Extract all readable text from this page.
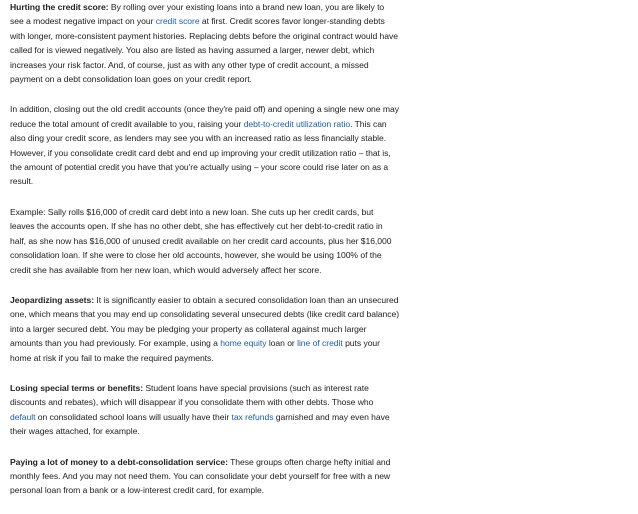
Hurting the credit score: By rolling over your existing loans into a brand new loan, you are likely to see a modest negative impact on your credit score at first. Credit scores favor longer-standing debts with longer, more-consistent payment histories. Replacing debts before the original contract would have called for is viewed negatively. You also are listed as having assumed a larger, newer debt, which increases your risk factor. And, of course, just as with any other type of credit account, a missed payment on a debt consolidation loan goes on your credit report.

In addition, closing out the old credit accounts (once they're paid off) and opening a single new one may reduce the total amount of credit available to you, raising your debt-to-credit utilization ratio. This can also ding your credit score, as lenders may see you with an increased ratio as less financially stable. However, if you consolidate credit card debt and end up improving your credit utilization ratio – that is, the amount of potential credit you have that you're actually using – your score could rise later on as a result.

Example: Sally rolls $16,000 of credit card debt into a new loan. She cuts up her credit cards, but leaves the accounts open. If she has no other debt, she has effectively cut her debt-to-credit ratio in half, as she now has $16,000 of unused credit available on her credit card accounts, plus her $16,000 consolidation loan. If she were to close her old accounts, however, she would be using 100% of the credit she has available from her new loan, which would adversely affect her score.

Jeopardizing assets: It is significantly easier to obtain a secured consolidation loan than an unsecured one, which means that you may end up consolidating several unsecured debts (like credit card balance) into a larger secured debt. You may be pledging your property as collateral against much larger amounts than you had previously. For example, using a home equity loan or line of credit puts your home at risk if you fail to make the required payments.

Losing special terms or benefits: Student loans have special provisions (such as interest rate discounts and rebates), which will disappear if you consolidate them with other debts. Those who default on consolidated school loans will usually have their tax refunds garnished and may even have their wages attached, for example.

Paying a lot of money to a debt-consolidation service: These groups often charge hefty initial and monthly fees. And you may not need them. You can consolidate your debt yourself for free with a new personal loan from a bank or a low-interest credit card, for example.
